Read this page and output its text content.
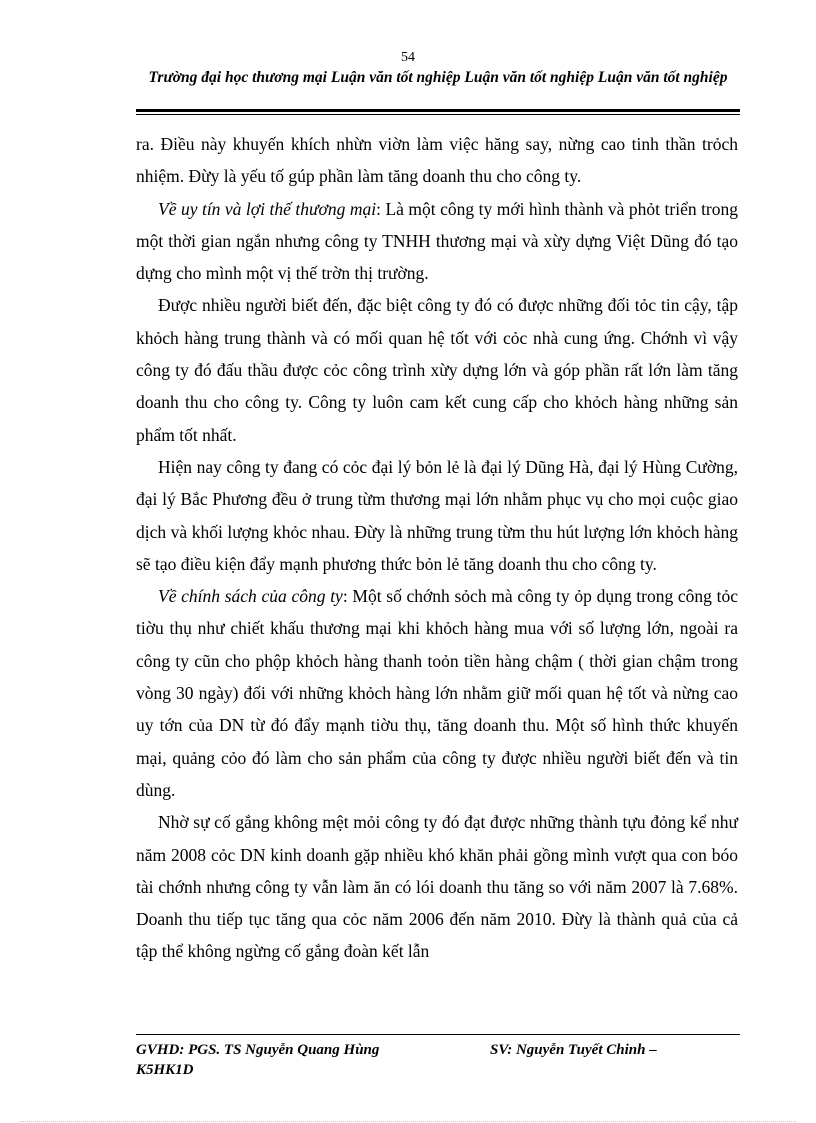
54
Trường đại học thương mại Luận văn tốt nghiệp Luận văn tốt nghiệp Luận văn tốt nghiệp

ra. Điều này khuyến khích nhừn viờn làm việc hăng say, nừng cao tinh thần trỏch nhiệm. Đừy là yếu tố gúp phần làm tăng doanh thu cho công ty.

Về uy tín và lợi thế thương mại: Là một công ty mới hình thành và phỏt triển trong một thời gian ngắn nhưng công ty TNHH thương mại và xừy dựng Việt Dũng đó tạo dựng cho mình một vị thế trờn thị trường.

Được nhiều người biết đến, đặc biệt công ty đó có được những đối tỏc tin cậy, tập khỏch hàng trung thành và có mối quan hệ tốt với cỏc nhà cung ứng. Chớnh vì vậy công ty đó đấu thầu được cỏc công trình xừy dựng lớn và góp phần rất lớn làm tăng doanh thu cho công ty. Công ty luôn cam kết cung cấp cho khỏch hàng những sản phẩm tốt nhất.

Hiện nay công ty đang có cỏc đại lý bỏn lẻ là đại lý Dũng Hà, đại lý Hùng Cường, đại lý Bắc Phương đều ở trung từm thương mại lớn nhằm phục vụ cho mọi cuộc giao dịch và khối lượng khỏc nhau. Đừy là những trung từm thu hút lượng lớn khỏch hàng sẽ tạo điều kiện đẩy mạnh phương thức bỏn lẻ tăng doanh thu cho công ty.

Về chính sách của công ty: Một số chớnh sỏch mà công ty ỏp dụng trong công tỏc tiờu thụ như chiết khấu thương mại khi khỏch hàng mua với số lượng lớn, ngoài ra công ty cũn cho phộp khỏch hàng thanh toỏn tiền hàng chậm ( thời gian chậm trong vòng 30 ngày) đối với những khỏch hàng lớn nhằm giữ mối quan hệ tốt và nừng cao uy tớn của DN từ đó đẩy mạnh tiờu thụ, tăng doanh thu. Một số hình thức khuyến mại, quảng cỏo đó làm cho sản phẩm của công ty được nhiều người biết đến và tin dùng.

Nhờ sự cố gắng không mệt mỏi công ty đó đạt được những thành tựu đỏng kể như năm 2008 cỏc DN kinh doanh gặp nhiều khó khăn phải gồng mình vượt qua con bóo tài chớnh nhưng công ty vẫn làm ăn có lói doanh thu tăng so với năm 2007 là 7.68%. Doanh thu tiếp tục tăng qua cỏc năm 2006 đến năm 2010. Đừy là thành quả của cả tập thể không ngừng cố gắng đoàn kết lẫn

GVHD: PGS. TS Nguyễn Quang Hùng	SV: Nguyễn Tuyết Chinh –
K5HK1D
